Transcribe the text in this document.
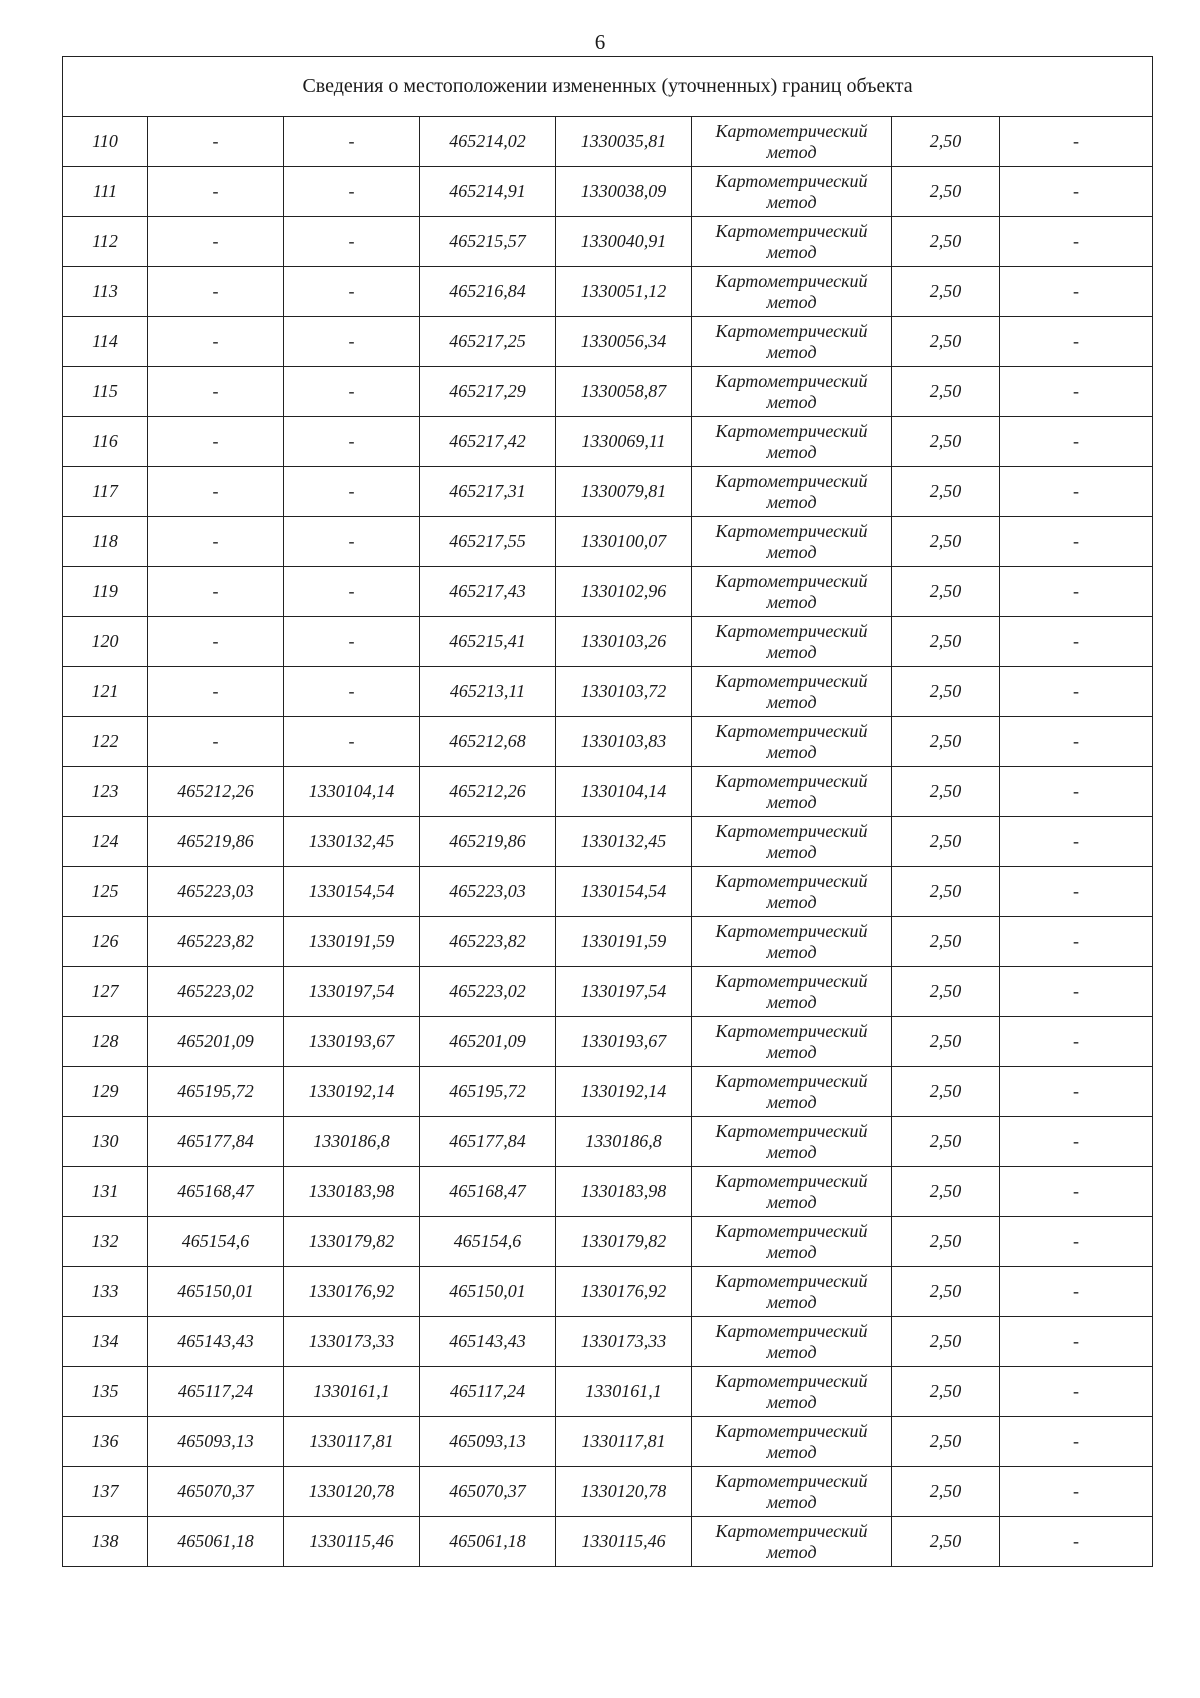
6
Сведения о местоположении измененных (уточненных) границ объекта							
110	-	-	465214,02	1330035,81	Картометрический
метод	2,50	-
111	-	-	465214,91	1330038,09	Картометрический
метод	2,50	-
112	-	-	465215,57	1330040,91	Картометрический
метод	2,50	-
113	-	-	465216,84	1330051,12	Картометрический
метод	2,50	-
114	-	-	465217,25	1330056,34	Картометрический
метод	2,50	-
115	-	-	465217,29	1330058,87	Картометрический
метод	2,50	-
116	-	-	465217,42	1330069,11	Картометрический
метод	2,50	-
117	-	-	465217,31	1330079,81	Картометрический
метод	2,50	-
118	-	-	465217,55	1330100,07	Картометрический
метод	2,50	-
119	-	-	465217,43	1330102,96	Картометрический
метод	2,50	-
120	-	-	465215,41	1330103,26	Картометрический
метод	2,50	-
121	-	-	465213,11	1330103,72	Картометрический
метод	2,50	-
122	-	-	465212,68	1330103,83	Картометрический
метод	2,50	-
123	465212,26	1330104,14	465212,26	1330104,14	Картометрический
метод	2,50	-
124	465219,86	1330132,45	465219,86	1330132,45	Картометрический
метод	2,50	-
125	465223,03	1330154,54	465223,03	1330154,54	Картометрический
метод	2,50	-
126	465223,82	1330191,59	465223,82	1330191,59	Картометрический
метод	2,50	-
127	465223,02	1330197,54	465223,02	1330197,54	Картометрический
метод	2,50	-
128	465201,09	1330193,67	465201,09	1330193,67	Картометрический
метод	2,50	-
129	465195,72	1330192,14	465195,72	1330192,14	Картометрический
метод	2,50	-
130	465177,84	1330186,8	465177,84	1330186,8	Картометрический
метод	2,50	-
131	465168,47	1330183,98	465168,47	1330183,98	Картометрический
метод	2,50	-
132	465154,6	1330179,82	465154,6	1330179,82	Картометрический
метод	2,50	-
133	465150,01	1330176,92	465150,01	1330176,92	Картометрический
метод	2,50	-
134	465143,43	1330173,33	465143,43	1330173,33	Картометрический
метод	2,50	-
135	465117,24	1330161,1	465117,24	1330161,1	Картометрический
метод	2,50	-
136	465093,13	1330117,81	465093,13	1330117,81	Картометрический
метод	2,50	-
137	465070,37	1330120,78	465070,37	1330120,78	Картометрический
метод	2,50	-
138	465061,18	1330115,46	465061,18	1330115,46	Картометрический
метод	2,50	-
